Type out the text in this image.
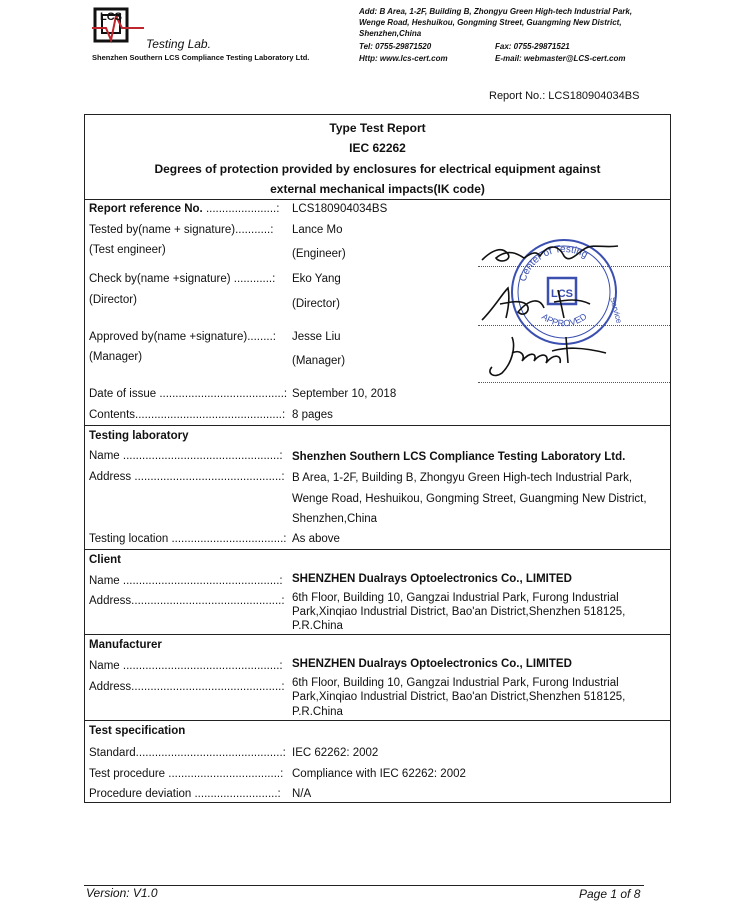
LCS
Testing Lab.
Shenzhen Southern LCS Compliance Testing Laboratory Ltd.
Add: B Area, 1-2F, Building B, Zhongyu Green High-tech Industrial Park,
Wenge Road, Heshuikou, Gongming Street, Guangming New District,
Shenzhen,China
Tel: 0755-29871520	Fax: 0755-29871521
Http: www.lcs-cert.com	E-mail: webmaster@LCS-cert.com
Report No.: LCS180904034BS
Type Test Report
IEC 62262
Degrees of protection provided by enclosures for electrical equipment against
external mechanical impacts(IK code)
Report reference No. ......................: LCS180904034BS
Tested by(name + signature)...........: Lance Mo
(Test engineer)	(Engineer)
Check by(name +signature) ............: Eko Yang
(Director)	(Director)
Approved by(name +signature)........: Jesse Liu
(Manager)	(Manager)
Date of issue .......................................: September 10, 2018
Contents..............................................: 8 pages
Center of Testing
APPROVED
LCS
Service
Testing laboratory
Name .................................................: Shenzhen Southern LCS Compliance Testing Laboratory Ltd.
Address ..............................................: B Area, 1-2F, Building B, Zhongyu Green High-tech Industrial Park,
Wenge Road, Heshuikou, Gongming Street, Guangming New District,
Shenzhen,China
Testing location ...................................: As above
Client
Name .................................................: SHENZHEN Dualrays Optoelectronics Co., LIMITED
Address...............................................: 6th Floor, Building 10, Gangzai Industrial Park, Furong Industrial
Park,Xinqiao Industrial District, Bao'an District,Shenzhen 518125,
P.R.China
Manufacturer
Name .................................................: SHENZHEN Dualrays Optoelectronics Co., LIMITED
Address...............................................: 6th Floor, Building 10, Gangzai Industrial Park, Furong Industrial
Park,Xinqiao Industrial District, Bao'an District,Shenzhen 518125,
P.R.China
Test specification
Standard..............................................: IEC 62262: 2002
Test procedure ...................................: Compliance with IEC 62262: 2002
Procedure deviation ..........................: N/A
Version: V1.0	Page 1 of 8
